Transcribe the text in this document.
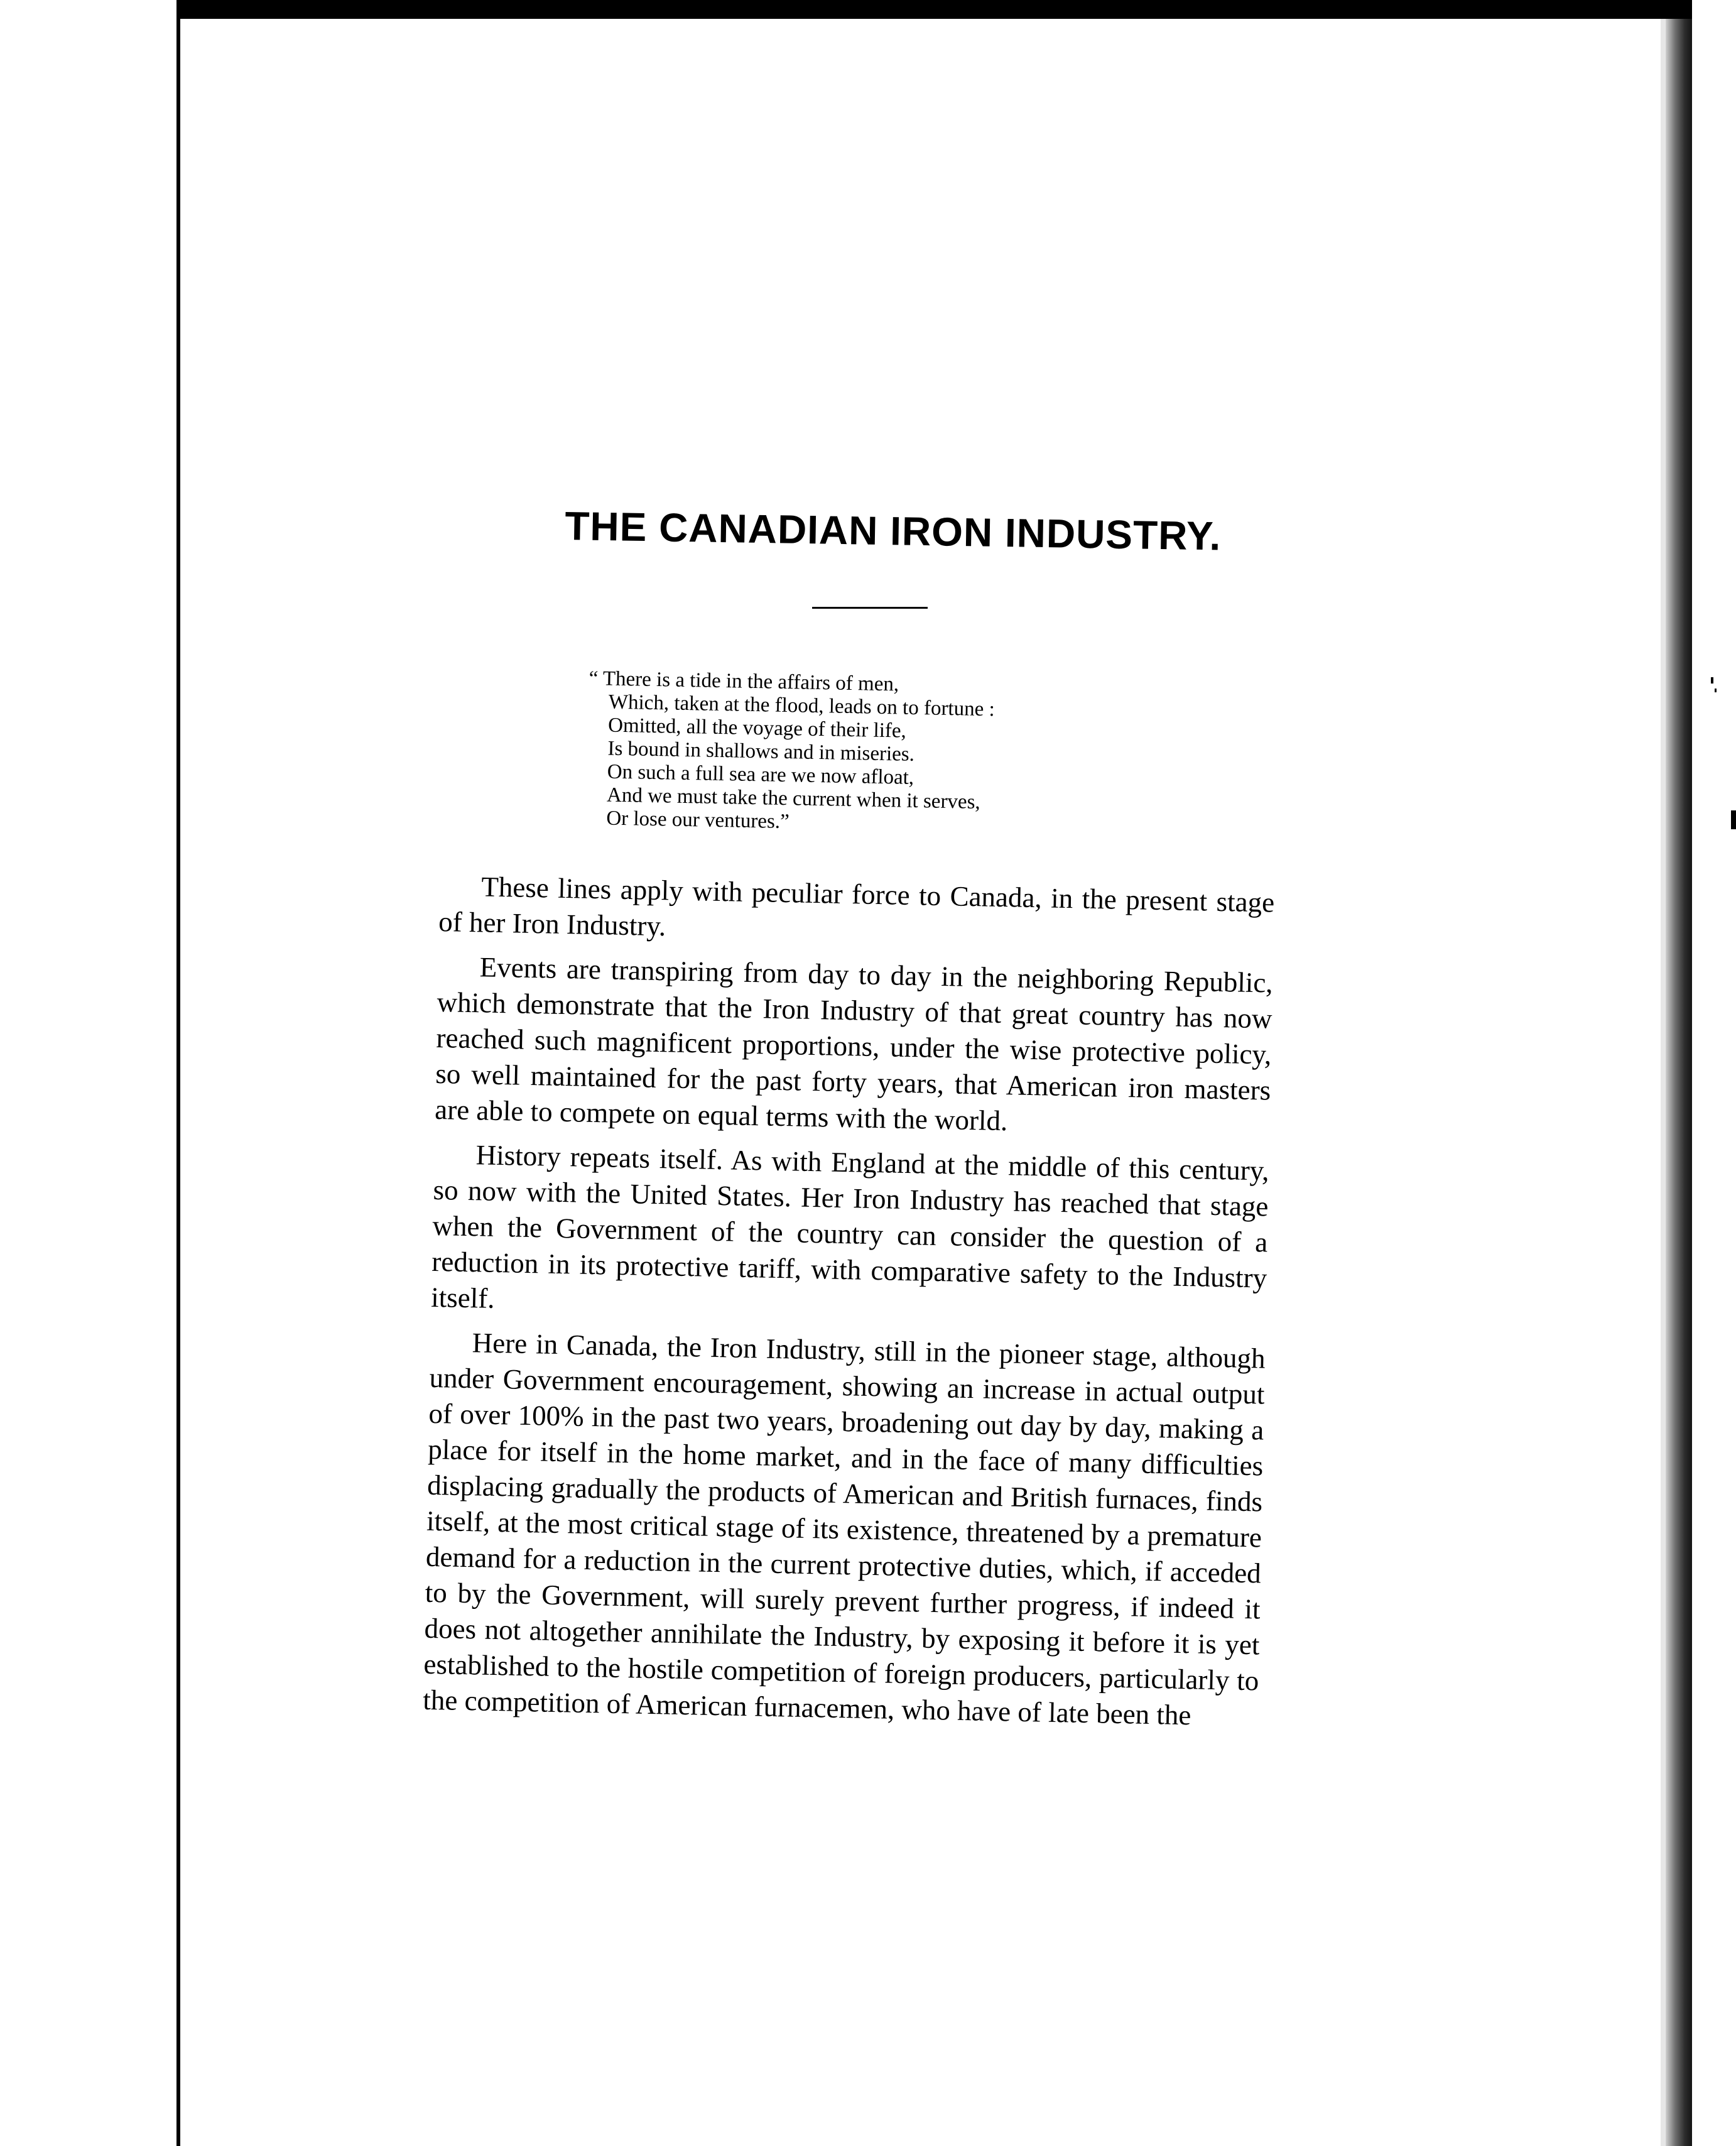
THE CANADIAN IRON INDUSTRY.
“ There is a tide in the affairs of men,
Which, taken at the flood, leads on to fortune :
Omitted, all the voyage of their life,
Is bound in shallows and in miseries.
On such a full sea are we now afloat,
And we must take the current when it serves,
Or lose our ventures.”

These lines apply with peculiar force to Canada, in the present stage of her Iron Industry.

Events are transpiring from day to day in the neighboring Republic, which demonstrate that the Iron Industry of that great country has now reached such magnificent proportions, under the wise protective policy, so well maintained for the past forty years, that American iron masters are able to compete on equal terms with the world.

History repeats itself. As with England at the middle of this century, so now with the United States. Her Iron Industry has reached that stage when the Government of the country can consider the question of a reduction in its protective tariff, with comparative safety to the Industry itself.

Here in Canada, the Iron Industry, still in the pioneer stage, although under Government encouragement, showing an increase in actual output of over 100% in the past two years, broadening out day by day, making a place for itself in the home market, and in the face of many difficulties displacing gradually the products of American and British furnaces, finds itself, at the most critical stage of its existence, threatened by a premature demand for a reduction in the current protective duties, which, if acceded to by the Government, will surely prevent further progress, if indeed it does not altogether annihilate the Industry, by exposing it before it is yet established to the hostile competition of foreign producers, particularly to the competition of American furnacemen, who have of late been the
